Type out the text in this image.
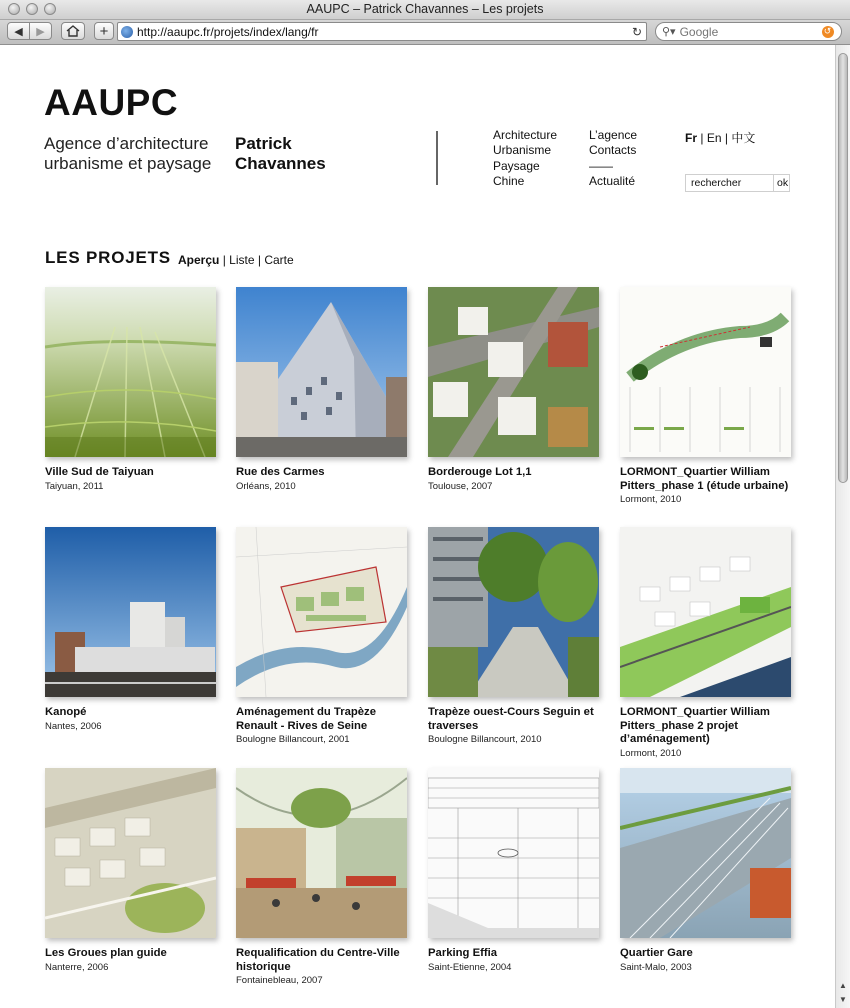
AAUPC – Patrick Chavannes – Les projets
◀ ▶	+ http://aaupc.fr/projets/index/lang/fr	↻ ⚲▾
Google	↺
▲
▼
AAUPC
Agence d’architecture
urbanisme et paysage
Patrick
Chavannes
Architecture
Urbanisme
Paysage
Chine
L’agence
Contacts
——
Actualité
Fr | En | 中文
rechercher
ok
LES PROJETS Aperçu | Liste | Carte
Ville Sud de Taiyuan
Taiyuan, 2011
Rue des Carmes
Orléans, 2010
Borderouge Lot 1,1
Toulouse, 2007
LORMONT_Quartier William Pitters_phase 1 (étude urbaine)
Lormont, 2010
Kanopé
Nantes, 2006
Aménagement du Trapèze Renault - Rives de Seine
Boulogne Billancourt, 2001
Trapèze ouest-Cours Seguin et traverses
Boulogne Billancourt, 2010
LORMONT_Quartier William Pitters_phase 2 projet d’aménagement)
Lormont, 2010
Les Groues plan guide
Nanterre, 2006
Requalification du Centre-Ville historique
Fontainebleau, 2007
Parking Effia
Saint-Etienne, 2004
Quartier Gare
Saint-Malo, 2003
